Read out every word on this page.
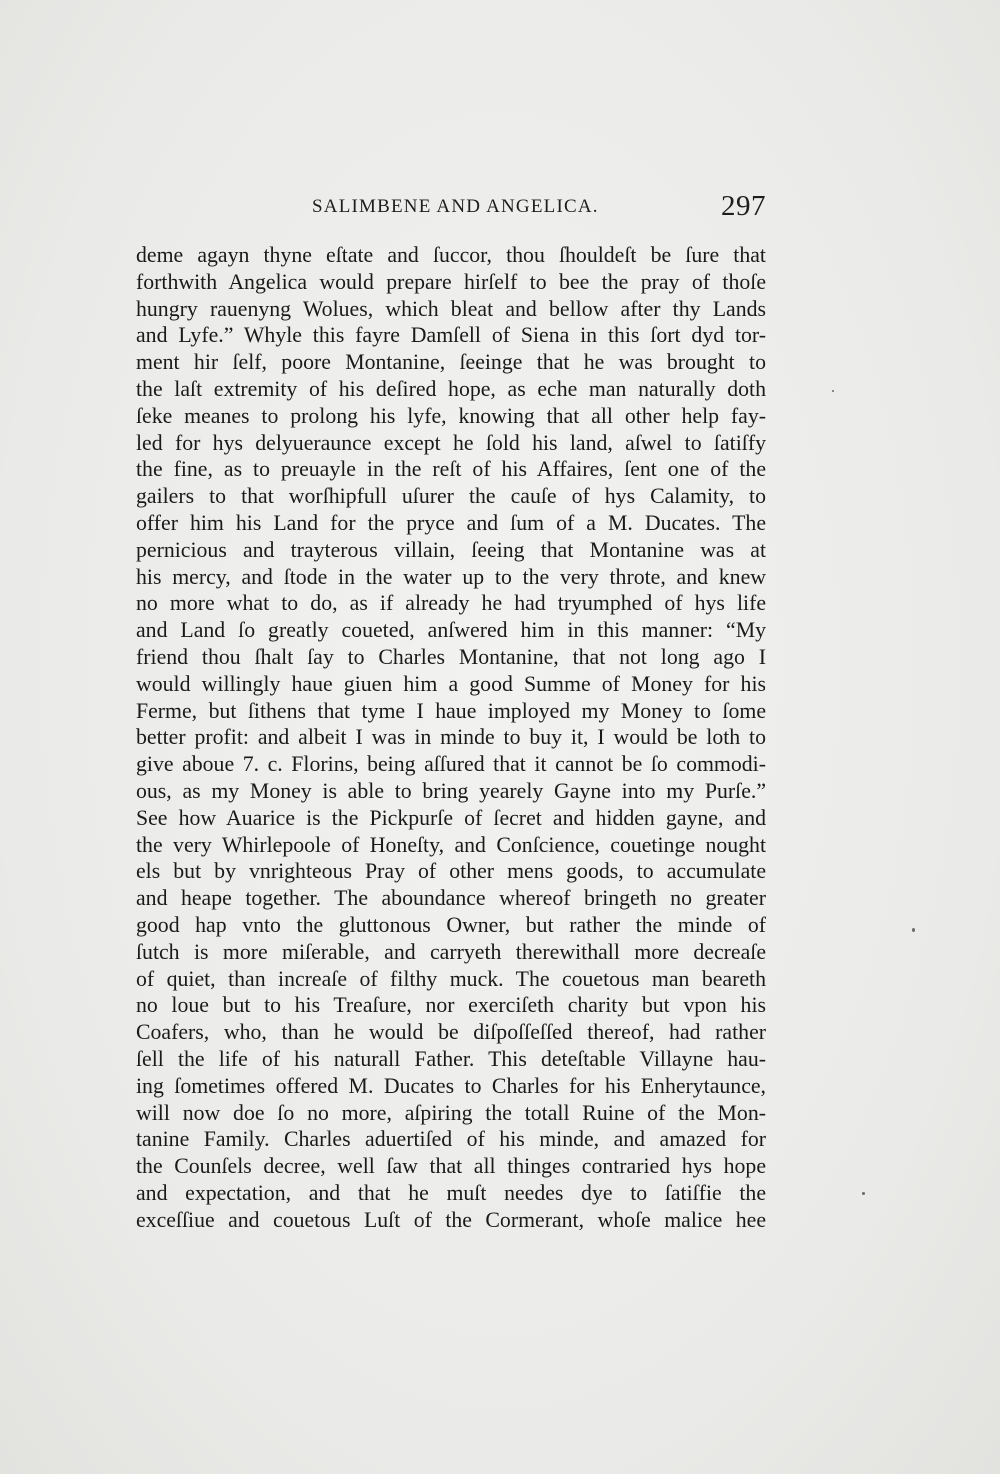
SALIMBENE AND ANGELICA.	297
deme agayn thyne eſtate and ſuccor, thou ſhouldeſt be ſure that
forthwith Angelica would prepare hirſelf to bee the pray of thoſe
hungry rauenyng Wolues, which bleat and bellow after thy Lands
and Lyfe.” Whyle this fayre Damſell of Siena in this ſort dyd tor-
ment hir ſelf, poore Montanine, ſeeinge that he was brought to
the laſt extremity of his deſired hope, as eche man naturally doth
ſeke meanes to prolong his lyfe, knowing that all other help fay-
led for hys delyueraunce except he ſold his land, aſwel to ſatiſfy
the fine, as to preuayle in the reſt of his Affaires, ſent one of the
gailers to that worſhipfull uſurer the cauſe of hys Calamity, to
offer him his Land for the pryce and ſum of a M. Ducates. The
pernicious and trayterous villain, ſeeing that Montanine was at
his mercy, and ſtode in the water up to the very throte, and knew
no more what to do, as if already he had tryumphed of hys life
and Land ſo greatly coueted, anſwered him in this manner: “My
friend thou ſhalt ſay to Charles Montanine, that not long ago I
would willingly haue giuen him a good Summe of Money for his
Ferme, but ſithens that tyme I haue imployed my Money to ſome
better profit: and albeit I was in minde to buy it, I would be loth to
give aboue 7. c. Florins, being aſſured that it cannot be ſo commodi-
ous, as my Money is able to bring yearely Gayne into my Purſe.”
See how Auarice is the Pickpurſe of ſecret and hidden gayne, and
the very Whirlepoole of Honeſty, and Conſcience, couetinge nought
els but by vnrighteous Pray of other mens goods, to accumulate
and heape together. The aboundance whereof bringeth no greater
good hap vnto the gluttonous Owner, but rather the minde of
ſutch is more miſerable, and carryeth therewithall more decreaſe
of quiet, than increaſe of filthy muck. The couetous man beareth
no loue but to his Treaſure, nor exerciſeth charity but vpon his
Coafers, who, than he would be diſpoſſeſſed thereof, had rather
ſell the life of his naturall Father. This deteſtable Villayne hau-
ing ſometimes offered M. Ducates to Charles for his Enherytaunce,
will now doe ſo no more, aſpiring the totall Ruine of the Mon-
tanine Family. Charles aduertiſed of his minde, and amazed for
the Counſels decree, well ſaw that all thinges contraried hys hope
and expectation, and that he muſt needes dye to ſatiſfie the
exceſſiue and couetous Luſt of the Cormerant, whoſe malice hee
